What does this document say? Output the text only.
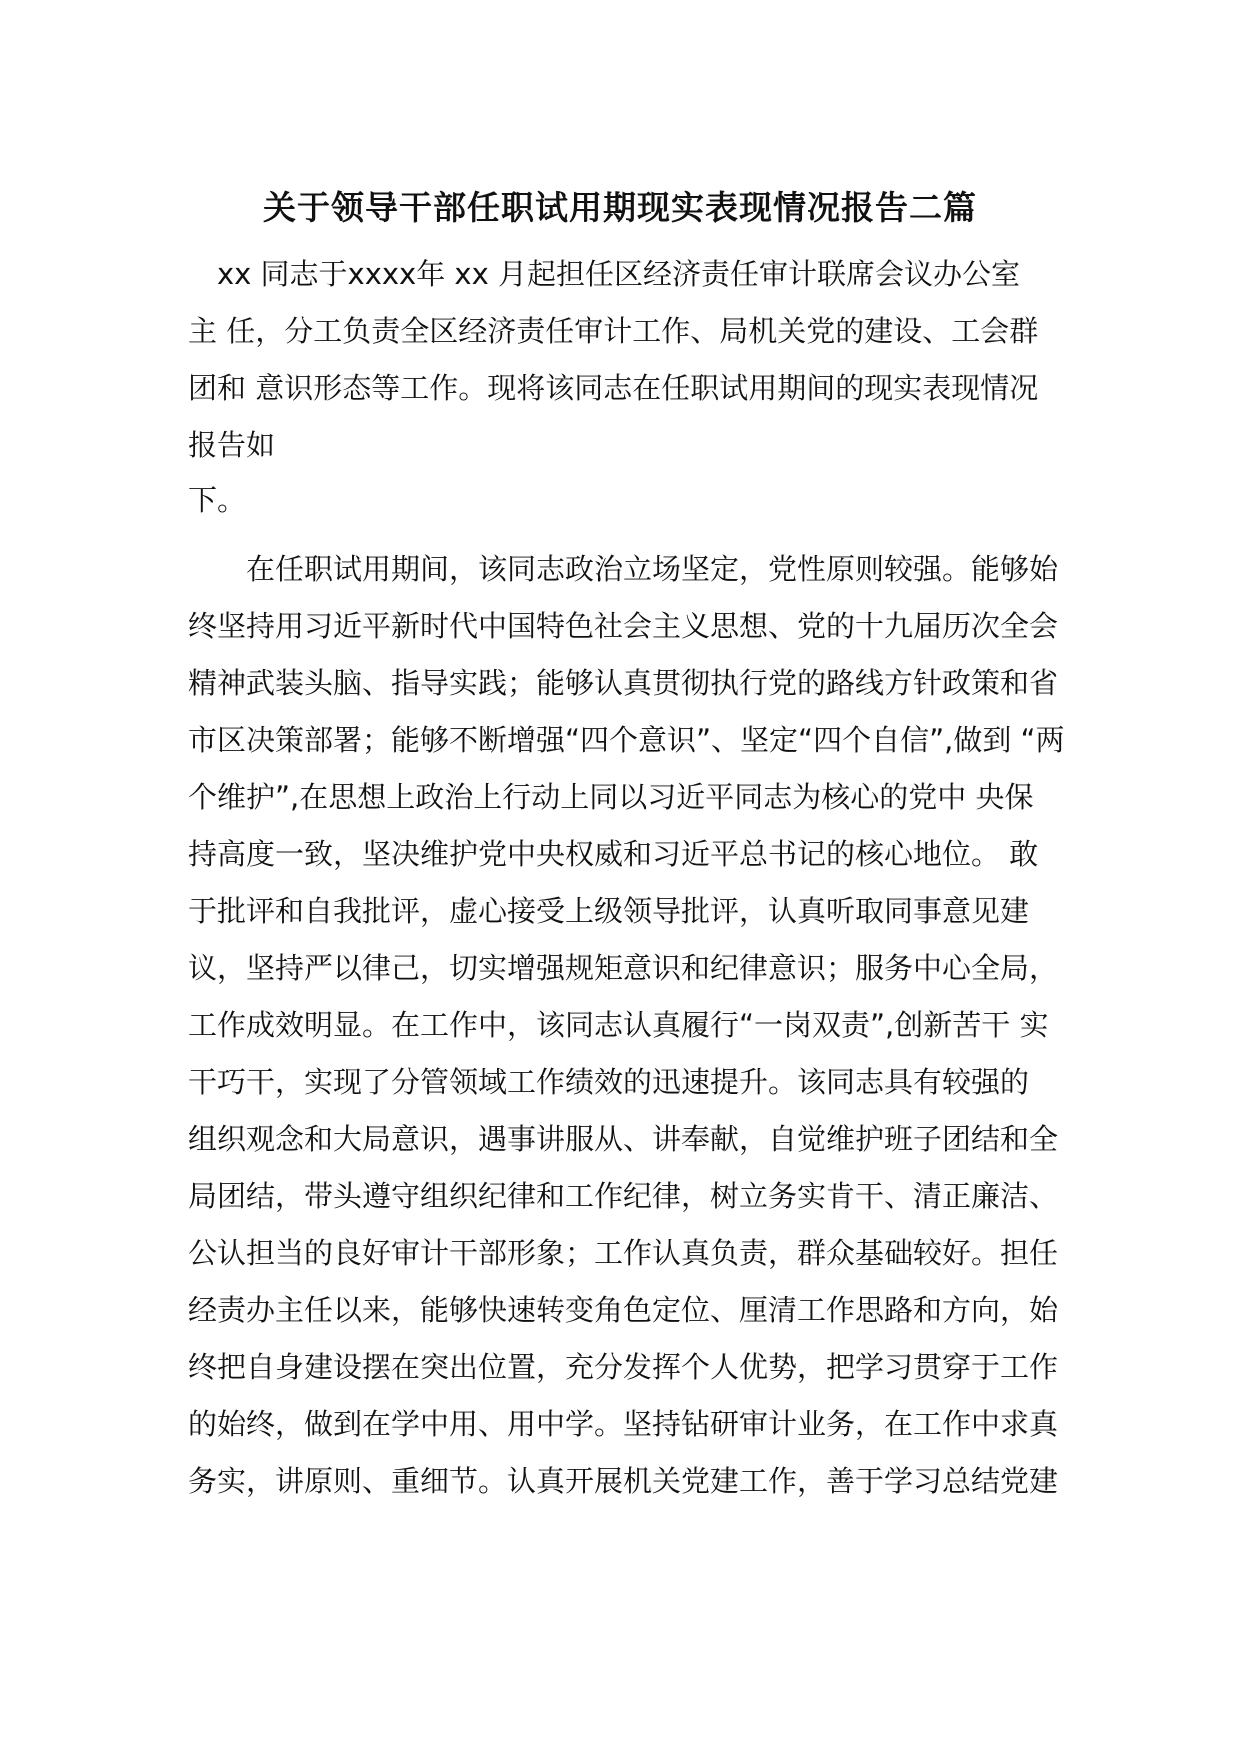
关于领导干部任职试用期现实表现情况报告二篇

　xx 同志于xxxx年 xx 月起担任区经济责任审计联席会议办公室

主 任，分工负责全区经济责任审计工作、局机关党的建设、工会群

团和 意识形态等工作。现将该同志在任职试用期间的现实表现情况

报告如

下。

　　在任职试用期间，该同志政治立场坚定，党性原则较强。能够始

终坚持用习近平新时代中国特色社会主义思想、党的十九届历次全会

精神武装头脑、指导实践；能够认真贯彻执行党的路线方针政策和省

市区决策部署；能够不断增强“四个意识”、坚定“四个自信”,做到 “两

个维护”,在思想上政治上行动上同以习近平同志为核心的党中 央保

持高度一致，坚决维护党中央权威和习近平总书记的核心地位。 敢

于批评和自我批评，虚心接受上级领导批评，认真听取同事意见建

议，坚持严以律己，切实增强规矩意识和纪律意识；服务中心全局，

工作成效明显。在工作中，该同志认真履行“一岗双责”,创新苦干 实

干巧干，实现了分管领域工作绩效的迅速提升。该同志具有较强的

组织观念和大局意识，遇事讲服从、讲奉献，自觉维护班子团结和全

局团结，带头遵守组织纪律和工作纪律，树立务实肯干、清正廉洁、

公认担当的良好审计干部形象；工作认真负责，群众基础较好。担任

经责办主任以来，能够快速转变角色定位、厘清工作思路和方向，始

终把自身建设摆在突出位置，充分发挥个人优势，把学习贯穿于工作

的始终，做到在学中用、用中学。坚持钻研审计业务，在工作中求真

务实，讲原则、重细节。认真开展机关党建工作，善于学习总结党建
